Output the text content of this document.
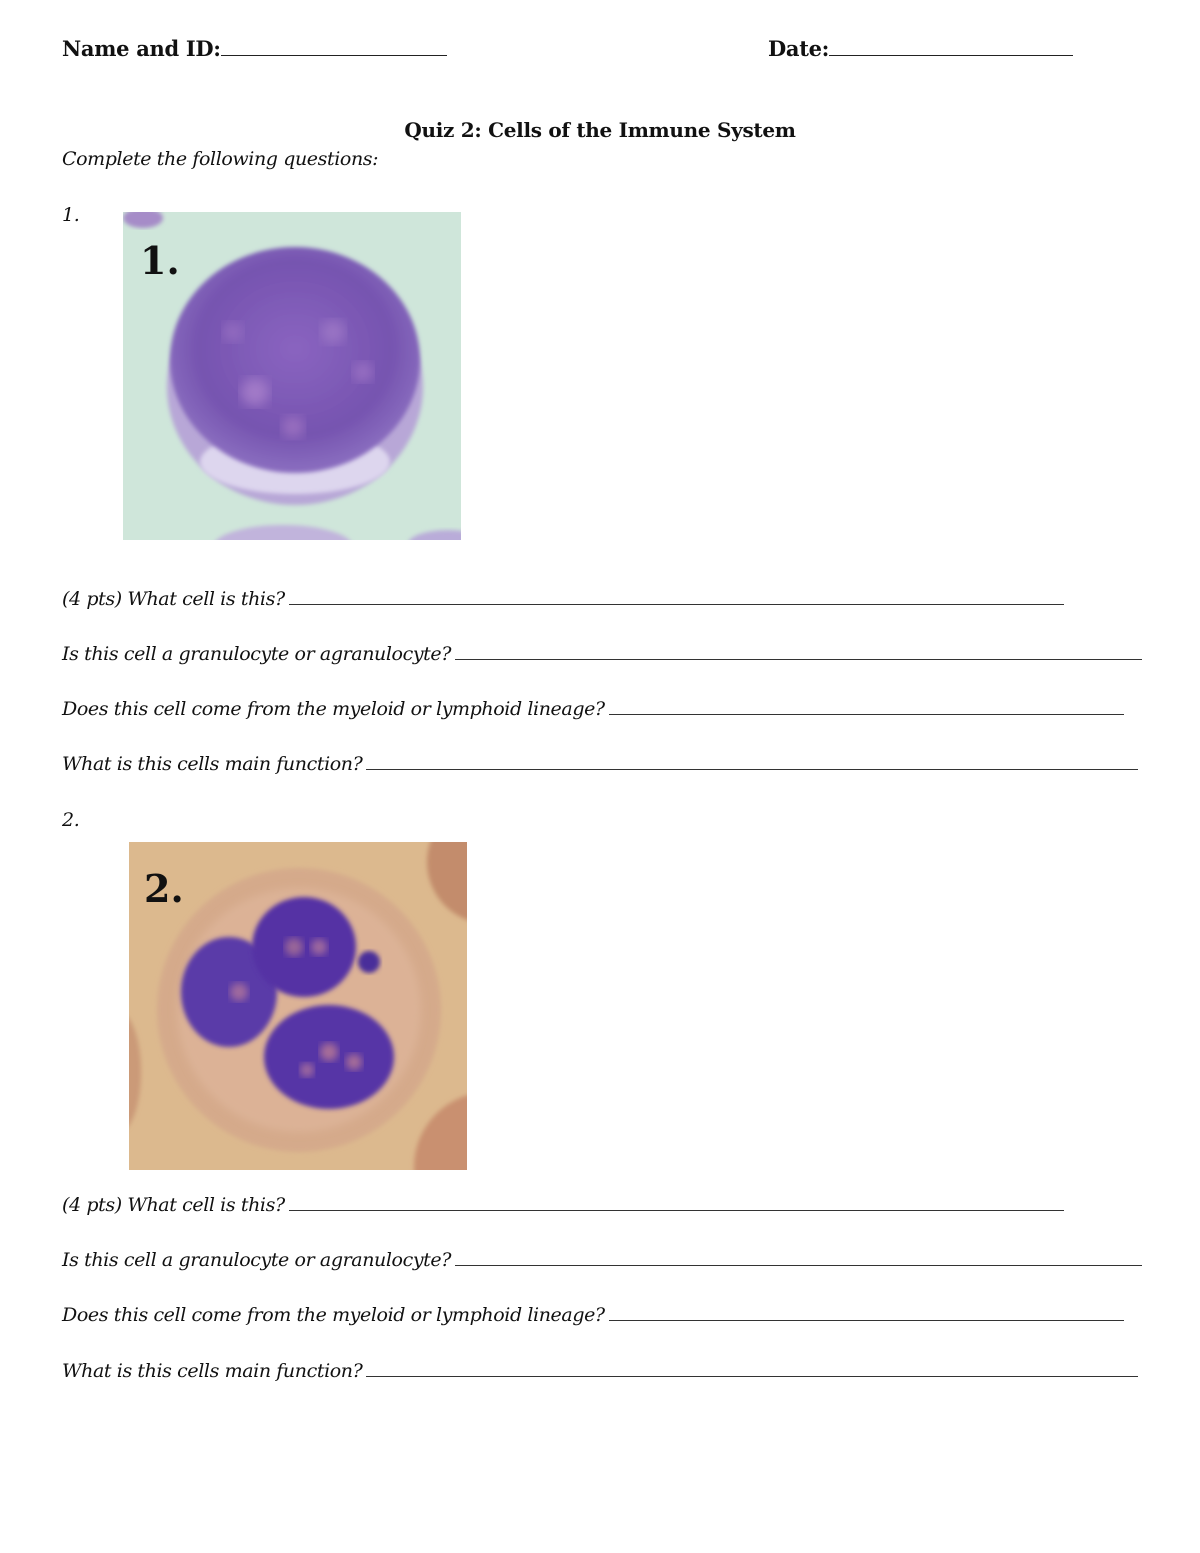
Name and ID:	Date:
Quiz 2: Cells of the Immune System
Complete the following questions:
1.
1.
(4 pts) What cell is this?
Is this cell a granulocyte or agranulocyte?
Does this cell come from the myeloid or lymphoid lineage?
What is this cells main function?
2.
2.
(4 pts) What cell is this?
Is this cell a granulocyte or agranulocyte?
Does this cell come from the myeloid or lymphoid lineage?
What is this cells main function?
